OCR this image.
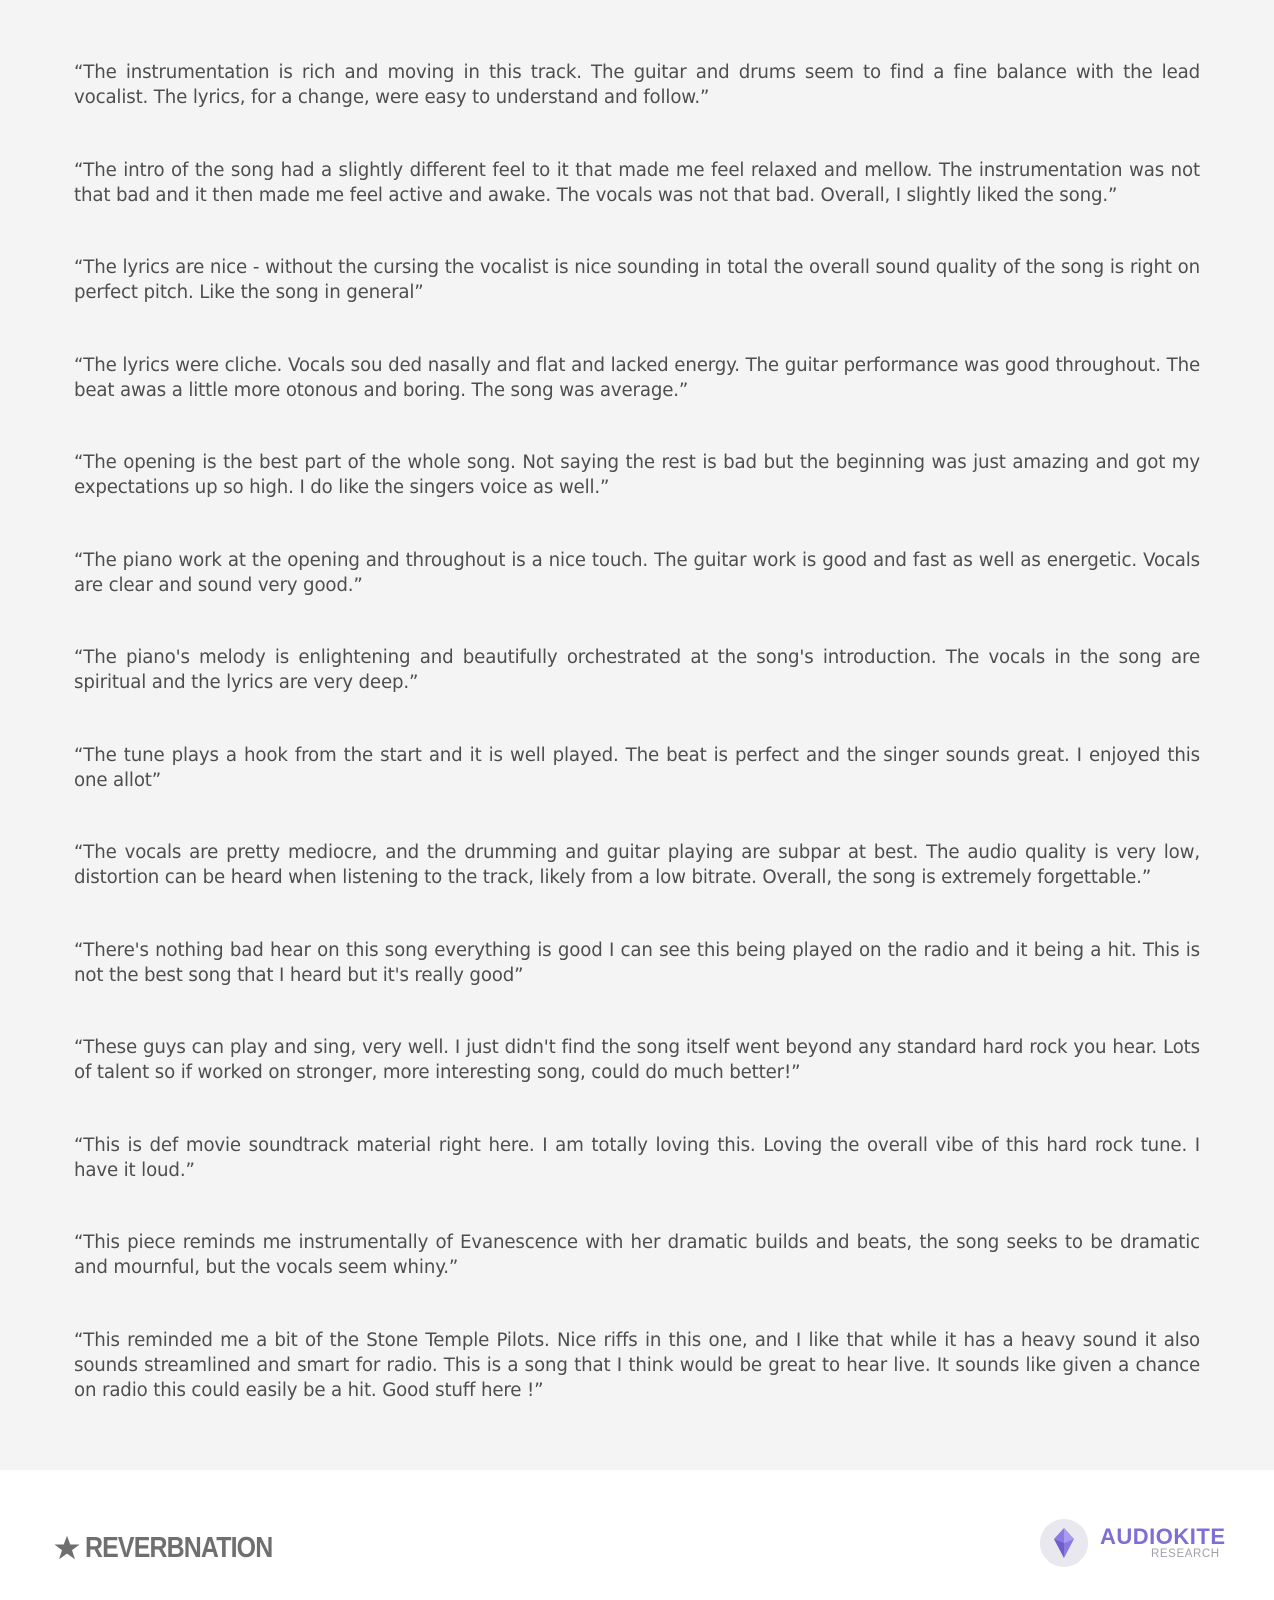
“The instrumentation is rich and moving in this track. The guitar and drums seem to find a fine balance with the lead vocalist. The lyrics, for a change, were easy to understand and follow.”
“The intro of the song had a slightly different feel to it that made me feel relaxed and mellow. The instrumentation was not that bad and it then made me feel active and awake. The vocals was not that bad. Overall, I slightly liked the song.”
“The lyrics are nice - without the cursing the vocalist is nice sounding in total the overall sound quality of the song is right on perfect pitch. Like the song in general”
“The lyrics were cliche. Vocals sou ded nasally and flat and lacked energy. The guitar performance was good throughout. The beat awas a little more otonous and boring. The song was average.”
“The opening is the best part of the whole song. Not saying the rest is bad but the beginning was just amazing and got my expectations up so high. I do like the singers voice as well.”
“The piano work at the opening and throughout is a nice touch. The guitar work is good and fast as well as energetic. Vocals are clear and sound very good.”
“The piano's melody is enlightening and beautifully orchestrated at the song's introduction. The vocals in the song are spiritual and the lyrics are very deep.”
“The tune plays a hook from the start and it is well played. The beat is perfect and the singer sounds great. I enjoyed this one allot”
“The vocals are pretty mediocre, and the drumming and guitar playing are subpar at best. The audio quality is very low, distortion can be heard when listening to the track, likely from a low bitrate. Overall, the song is extremely forgettable.”
“There's nothing bad hear on this song everything is good I can see this being played on the radio and it being a hit. This is not the best song that I heard but it's really good”
“These guys can play and sing, very well. I just didn't find the song itself went beyond any standard hard rock you hear. Lots of talent so if worked on stronger, more interesting song, could do much better!”
“This is def movie soundtrack material right here. I am totally loving this. Loving the overall vibe of this hard rock tune. I have it loud.”
“This piece reminds me instrumentally of Evanescence with her dramatic builds and beats, the song seeks to be dramatic and mournful, but the vocals seem whiny.”
“This reminded me a bit of the Stone Temple Pilots. Nice riffs in this one, and I like that while it has a heavy sound it also sounds streamlined and smart for radio. This is a song that I think would be great to hear live. It sounds like given a chance on radio this could easily be a hit. Good stuff here !”
REVERBNATION	AUDIOKITE
RESEARCH
